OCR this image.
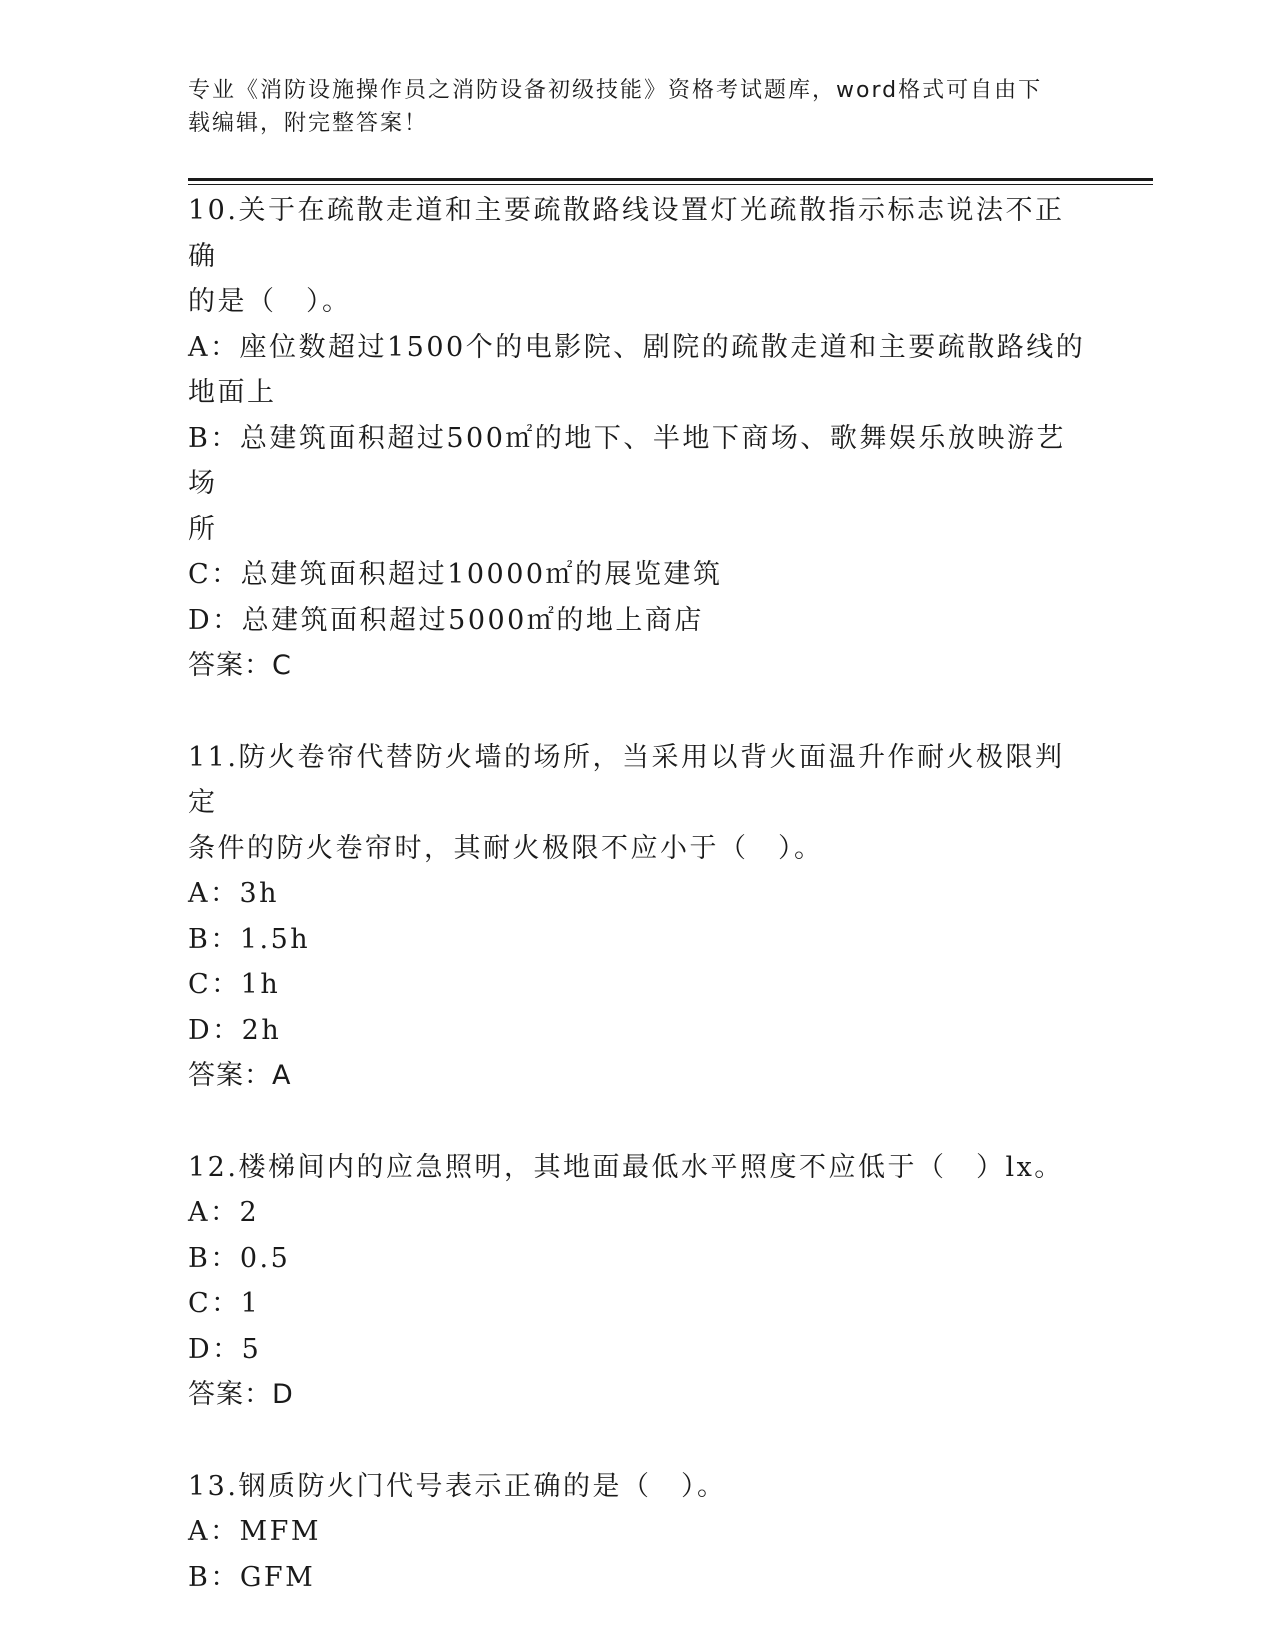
专业《消防设施操作员之消防设备初级技能》资格考试题库，word格式可自由下
载编辑，附完整答案！
10.关于在疏散走道和主要疏散路线设置灯光疏散指示标志说法不正确
的是（　）。
A：座位数超过1500个的电影院、剧院的疏散走道和主要疏散路线的
地面上
B：总建筑面积超过500㎡的地下、半地下商场、歌舞娱乐放映游艺场
所
C：总建筑面积超过10000㎡的展览建筑
D：总建筑面积超过5000㎡的地上商店
答案：C
11.防火卷帘代替防火墙的场所，当采用以背火面温升作耐火极限判定
条件的防火卷帘时，其耐火极限不应小于（　）。
A：3h
B：1.5h
C：1h
D：2h
答案：A
12.楼梯间内的应急照明，其地面最低水平照度不应低于（　）lx。
A：2
B：0.5
C：1
D：5
答案：D
13.钢质防火门代号表示正确的是（　）。
A：MFM
B：GFM
